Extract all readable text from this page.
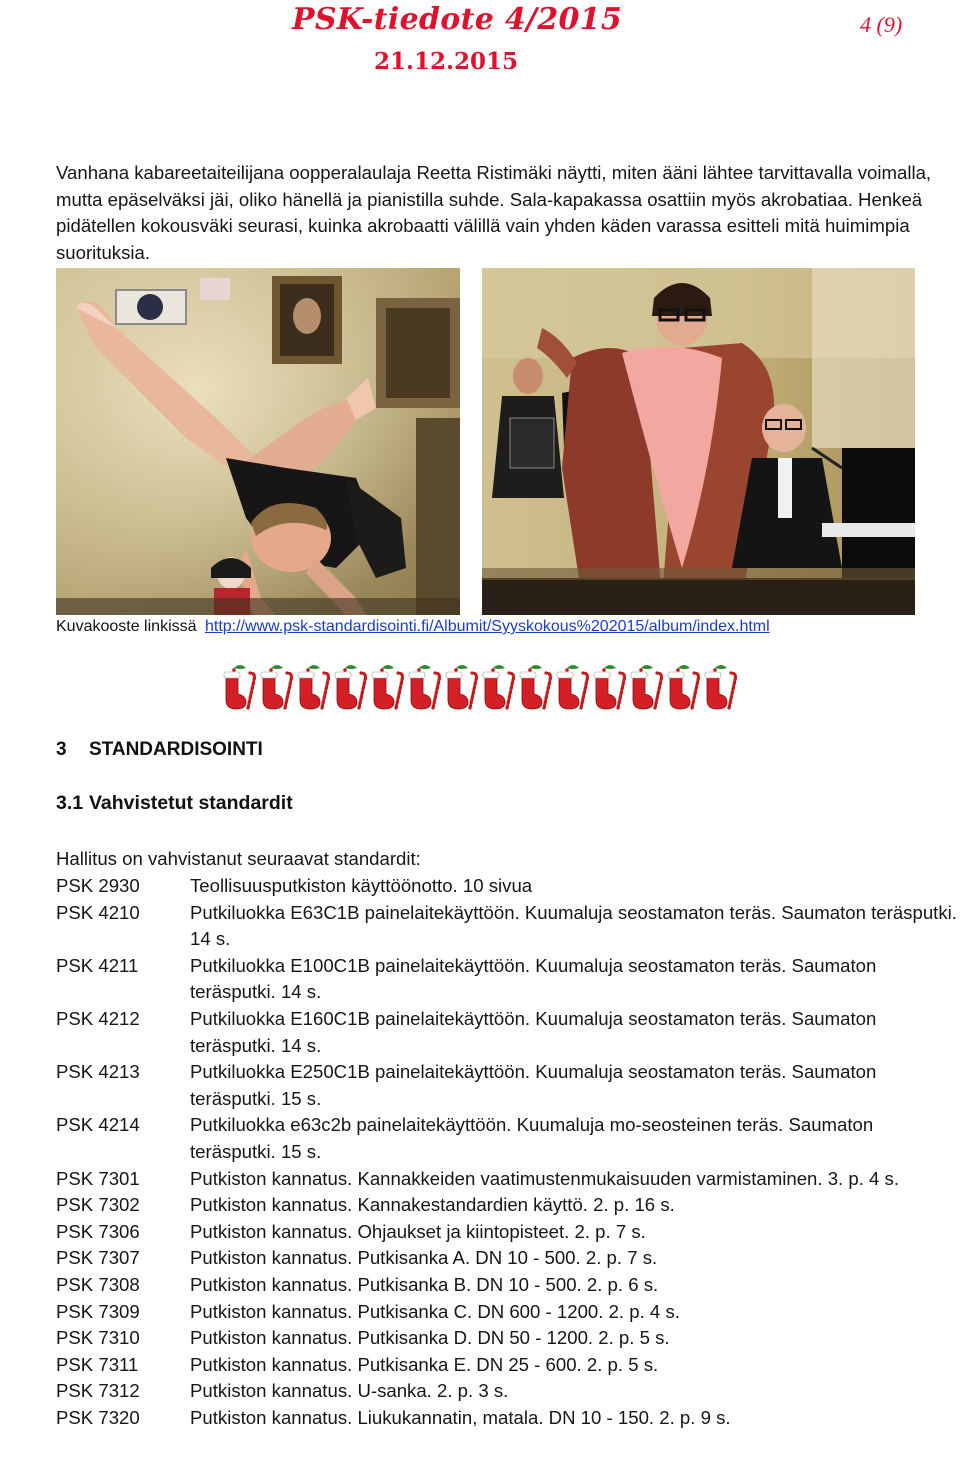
PSK-tiedote 4/2015
21.12.2015
4 (9)
Vanhana kabareetaiteilijana oopperalaulaja Reetta Ristimäki näytti, miten ääni lähtee tarvittavalla voimalla, mutta epäselväksi jäi, oliko hänellä ja pianistilla suhde. Sala-kapakassa osattiin myös akrobatiaa. Henkeä pidätellen kokousväki seurasi, kuinka akrobaatti välillä vain yhden käden varassa esitteli mitä huimimpia suorituksia.
Kuvakooste linkissä http://www.psk-standardisointi.fi/Albumit/Syyskokous%202015/album/index.html
3 STANDARDISOINTI
3.1 Vahvistetut standardit
Hallitus on vahvistanut seuraavat standardit:
PSK 2930	Teollisuusputkiston käyttöönotto. 10 sivua
PSK 4210	Putkiluokka E63C1B painelaitekäyttöön. Kuumaluja seostamaton teräs. Saumaton teräsputki. 14 s.
PSK 4211	Putkiluokka E100C1B painelaitekäyttöön. Kuumaluja seostamaton teräs. Saumaton teräsputki. 14 s.
PSK 4212	Putkiluokka E160C1B painelaitekäyttöön. Kuumaluja seostamaton teräs. Saumaton teräsputki. 14 s.
PSK 4213	Putkiluokka E250C1B painelaitekäyttöön. Kuumaluja seostamaton teräs. Saumaton teräsputki. 15 s.
PSK 4214	Putkiluokka e63c2b painelaitekäyttöön. Kuumaluja mo-seosteinen teräs. Saumaton teräsputki. 15 s.
PSK 7301	Putkiston kannatus. Kannakkeiden vaatimustenmukaisuuden varmistaminen. 3. p. 4 s.
PSK 7302	Putkiston kannatus. Kannakestandardien käyttö. 2. p. 16 s.
PSK 7306	Putkiston kannatus. Ohjaukset ja kiintopisteet. 2. p. 7 s.
PSK 7307	Putkiston kannatus. Putkisanka A. DN 10 - 500. 2. p. 7 s.
PSK 7308	Putkiston kannatus. Putkisanka B. DN 10 - 500. 2. p. 6 s.
PSK 7309	Putkiston kannatus. Putkisanka C. DN 600 - 1200. 2. p. 4 s.
PSK 7310	Putkiston kannatus. Putkisanka D. DN 50 - 1200. 2. p. 5 s.
PSK 7311	Putkiston kannatus. Putkisanka E. DN 25 - 600. 2. p. 5 s.
PSK 7312	Putkiston kannatus. U-sanka. 2. p. 3 s.
PSK 7320	Putkiston kannatus. Liukukannatin, matala. DN 10 - 150. 2. p. 9 s.
